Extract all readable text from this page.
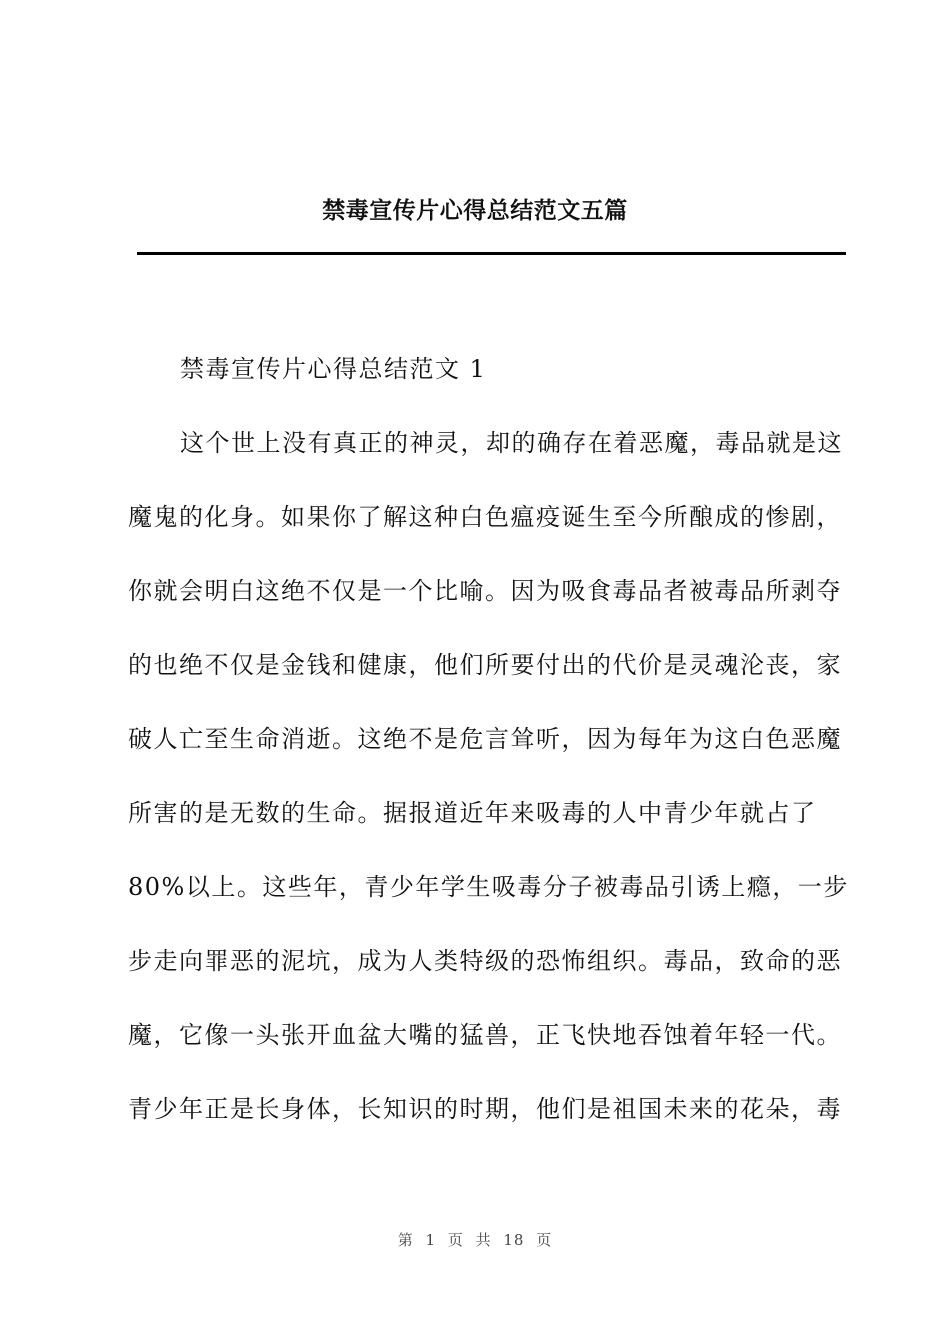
禁毒宣传片心得总结范文五篇
禁毒宣传片心得总结范文 1
这个世上没有真正的神灵，却的确存在着恶魔，毒品就是这
魔鬼的化身。如果你了解这种白色瘟疫诞生至今所酿成的惨剧，
你就会明白这绝不仅是一个比喻。因为吸食毒品者被毒品所剥夺
的也绝不仅是金钱和健康，他们所要付出的代价是灵魂沦丧，家
破人亡至生命消逝。这绝不是危言耸听，因为每年为这白色恶魔
所害的是无数的生命。据报道近年来吸毒的人中青少年就占了
80%以上。这些年，青少年学生吸毒分子被毒品引诱上瘾，一步
步走向罪恶的泥坑，成为人类特级的恐怖组织。毒品，致命的恶
魔，它像一头张开血盆大嘴的猛兽，正飞快地吞蚀着年轻一代。
青少年正是长身体，长知识的时期，他们是祖国未来的花朵，毒
第 1 页 共 18 页
